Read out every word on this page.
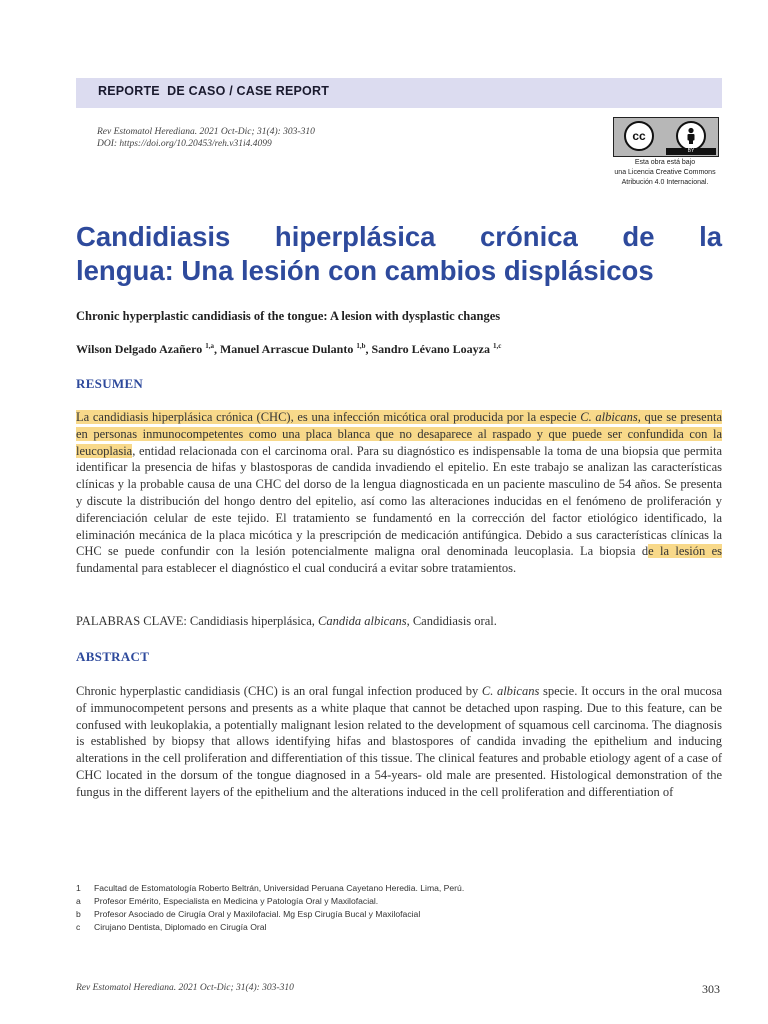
REPORTE  DE CASO / CASE REPORT
Rev Estomatol Herediana. 2021 Oct-Dic; 31(4): 303-310
DOI: https://doi.org/10.20453/reh.v31i4.4099
cc
BY
Esta obra está bajo
una Licencia Creative Commons
Atribución 4.0 Internacional.
Candidiasis hiperplásica crónica de la
lengua: Una lesión con cambios displásicos
Chronic hyperplastic candidiasis of the tongue: A lesion with dysplastic changes
Wilson Delgado Azañero $^{1,a}$, Manuel Arrascue Dulanto $^{1,b}$, Sandro Lévano Loayza $^{1,c}$
RESUMEN
La candidiasis hiperplásica crónica (CHC), es una infección micótica oral producida por la especie C. albicans, que se presenta en personas inmunocompetentes como una placa blanca que no desaparece al raspado y que puede ser confundida con la leucoplasia, entidad relacionada con el carcinoma oral. Para su diagnóstico es indispensable la toma de una biopsia que permita identificar la presencia de hifas y blastosporas de candida invadiendo el epitelio. En este trabajo se analizan las características clínicas y la probable causa de una CHC del dorso de la lengua diagnosticada en un paciente masculino de 54 años. Se presenta y discute la distribución del hongo dentro del epitelio, así como las alteraciones inducidas en el fenómeno de proliferación y diferenciación celular de este tejido. El tratamiento se fundamentó en la corrección del factor etiológico identificado, la eliminación mecánica de la placa micótica y la prescripción de medicación antifúngica. Debido a sus características clínicas la CHC se puede confundir con la lesión potencialmente maligna oral denominada leucoplasia. La biopsia de la lesión es fundamental para establecer el diagnóstico el cual conducirá a evitar sobre tratamientos.
PALABRAS CLAVE: Candidiasis hiperplásica, Candida albicans, Candidiasis oral.
ABSTRACT
Chronic hyperplastic candidiasis (CHC) is an oral fungal infection produced by C. albicans specie. It occurs in the oral mucosa of immunocompetent persons and presents as a white plaque that cannot be detached upon rasping. Due to this feature, can be confused with leukoplakia, a potentially malignant lesion related to the development of squamous cell carcinoma. The diagnosis is established by biopsy that allows identifying hifas and blastospores of candida invading the epithelium and inducing alterations in the cell proliferation and differentiation of this tissue. The clinical features and probable etiology agent of a case of CHC located in the dorsum of the tongue diagnosed in a 54-years- old male are presented. Histological demonstration of the fungus in the different layers of the epithelium and the alterations induced in the cell proliferation and differentiation of
1	Facultad de Estomatología Roberto Beltrán, Universidad Peruana Cayetano Heredia. Lima, Perú.
a	Profesor Emérito, Especialista en Medicina y Patología Oral y Maxilofacial.
b	Profesor Asociado de Cirugía Oral y Maxilofacial. Mg Esp Cirugía Bucal y Maxilofacial
c	Cirujano Dentista, Diplomado en Cirugía Oral
Rev Estomatol Herediana. 2021 Oct-Dic; 31(4): 303-310	303
